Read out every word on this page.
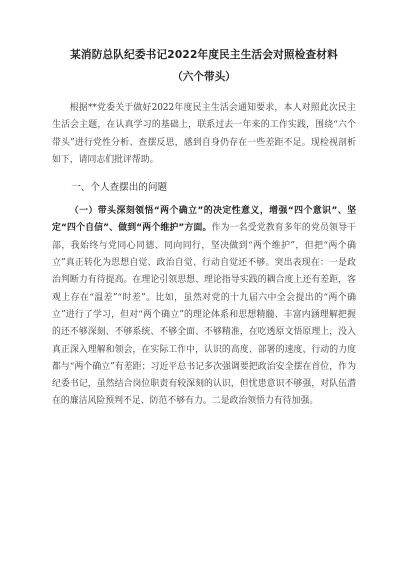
某消防总队纪委书记2022年度民主生活会对照检查材料
（六个带头）

根据**党委关于做好2022年度民主生活会通知要求，本人对照此次民主生活会主题，在认真学习的基础上，联系过去一年来的工作实践，围绕“六个带头”进行党性分析、查摆反思，感到自身仍存在一些差距不足。现检视剖析如下，请同志们批评帮助。

一、个人查摆出的问题

（一）带头深刻领悟“两个确立”的决定性意义，增强“四个意识”、坚定“四个自信”、做到“两个维护”方面。作为一名受党教育多年的党员领导干部，我始终与党同心同德、同向同行，坚决做到“两个维护”，但把“两个确立”真正转化为思想自觉、政治自觉、行动自觉还不够。突出表现在：一是政治判断力有待提高。在理论引领思想、理论指导实践的耦合度上还有差距，客观上存在“温差”“时差”。比如，虽然对党的十九届六中全会提出的“两个确立”进行了学习，但对“两个确立”的理论体系和思想精髓、丰富内涵理解把握的还不够深刻、不够系统、不够全面、不够精准，在吃透原文悟原理上，没入真正深入理解和领会，在实际工作中，认识的高度、部署的速度、行动的力度都与“两个确立”有差距；习近平总书记多次强调要把政治安全摆在首位，作为纪委书记，虽然结合岗位职责有较深刻的认识，但忧患意识不够强，对队伍潜在的廉洁风险预判不足、防范不够有力。二是政治领悟力有待加强。
